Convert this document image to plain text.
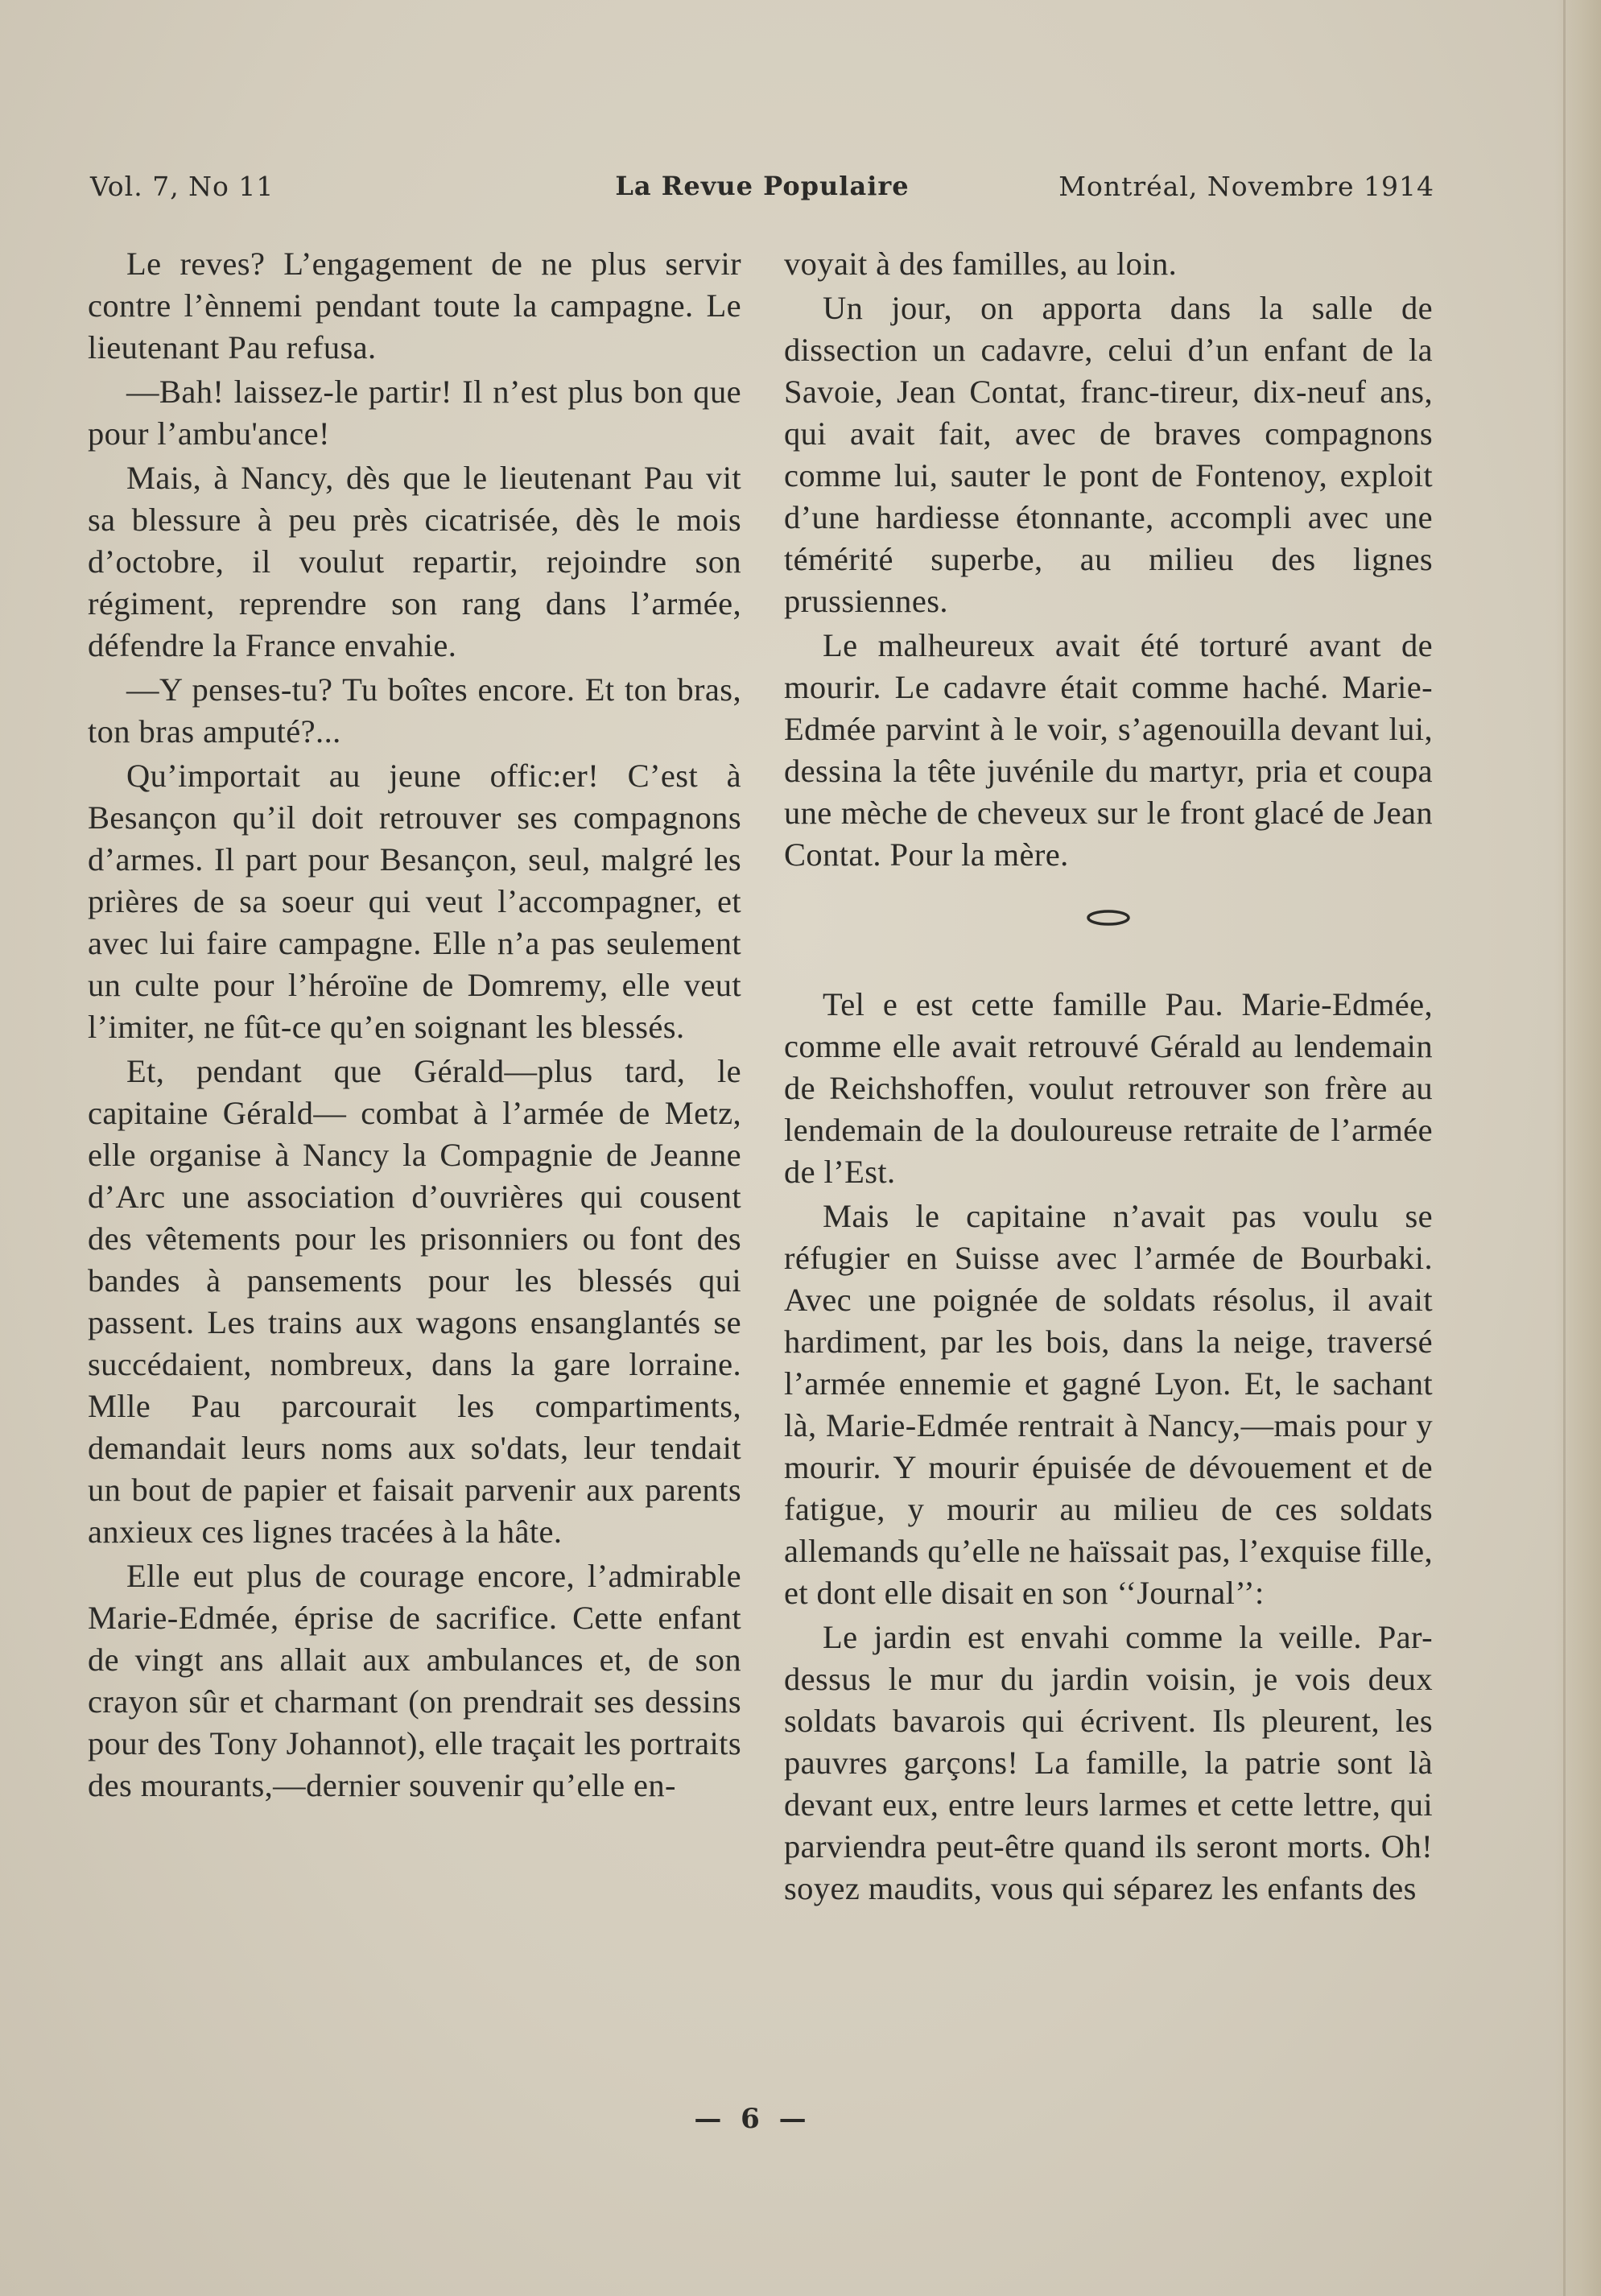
Vol. 7, No 11	La Revue Populaire	Montréal, Novembre 1914

Le reves? L’engagement de ne plus servir contre l’ènnemi pendant toute la campagne. Le lieutenant Pau refusa.

—Bah! laissez-le partir! Il n’est plus bon que pour l’ambu'ance!

Mais, à Nancy, dès que le lieutenant Pau vit sa blessure à peu près cicatrisée, dès le mois d’octobre, il voulut repartir, rejoindre son régiment, reprendre son rang dans l’armée, défendre la France envahie.

—Y penses-tu? Tu boîtes encore. Et ton bras, ton bras amputé?...

Qu’importait au jeune offic:er! C’est à Besançon qu’il doit retrouver ses compagnons d’armes. Il part pour Besançon, seul, malgré les prières de sa soeur qui veut l’accompagner, et avec lui faire campagne. Elle n’a pas seulement un culte pour l’héroïne de Domremy, elle veut l’imiter, ne fût-ce qu’en soignant les blessés.

Et, pendant que Gérald—plus tard, le capitaine Gérald— combat à l’armée de Metz, elle organise à Nancy la Compagnie de Jeanne d’Arc une association d’ouvrières qui cousent des vêtements pour les prisonniers ou font des bandes à pansements pour les blessés qui passent. Les trains aux wagons ensanglantés se succédaient, nombreux, dans la gare lorraine. Mlle Pau parcourait les compartiments, demandait leurs noms aux so'dats, leur tendait un bout de papier et faisait parvenir aux parents anxieux ces lignes tracées à la hâte.

Elle eut plus de courage encore, l’admirable Marie-Edmée, éprise de sacrifice. Cette enfant de vingt ans allait aux ambulances et, de son crayon sûr et charmant (on prendrait ses dessins pour des Tony Johannot), elle traçait les portraits des mourants,—dernier souvenir qu’elle en-

voyait à des familles, au loin.

Un jour, on apporta dans la salle de dissection un cadavre, celui d’un enfant de la Savoie, Jean Contat, franc-tireur, dix-neuf ans, qui avait fait, avec de braves compagnons comme lui, sauter le pont de Fontenoy, exploit d’une hardiesse étonnante, accompli avec une témérité superbe, au milieu des lignes prussiennes.

Le malheureux avait été torturé avant de mourir. Le cadavre était comme haché. Marie-Edmée parvint à le voir, s’agenouilla devant lui, dessina la tête juvénile du martyr, pria et coupa une mèche de cheveux sur le front glacé de Jean Contat. Pour la mère.

Tel e est cette famille Pau. Marie-Edmée, comme elle avait retrouvé Gérald au lendemain de Reichshoffen, voulut retrouver son frère au lendemain de la douloureuse retraite de l’armée de l’Est.

Mais le capitaine n’avait pas voulu se réfugier en Suisse avec l’armée de Bourbaki. Avec une poignée de soldats résolus, il avait hardiment, par les bois, dans la neige, traversé l’armée ennemie et gagné Lyon. Et, le sachant là, Marie-Edmée rentrait à Nancy,—mais pour y mourir. Y mourir épuisée de dévouement et de fatigue, y mourir au milieu de ces soldats allemands qu’elle ne haïssait pas, l’exquise fille, et dont elle disait en son ‘‘Journal’’:

Le jardin est envahi comme la veille. Par-dessus le mur du jardin voisin, je vois deux soldats bavarois qui écrivent. Ils pleurent, les pauvres garçons! La famille, la patrie sont là devant eux, entre leurs larmes et cette lettre, qui parviendra peut-être quand ils seront morts. Oh! soyez maudits, vous qui séparez les enfants des

— 6 —
